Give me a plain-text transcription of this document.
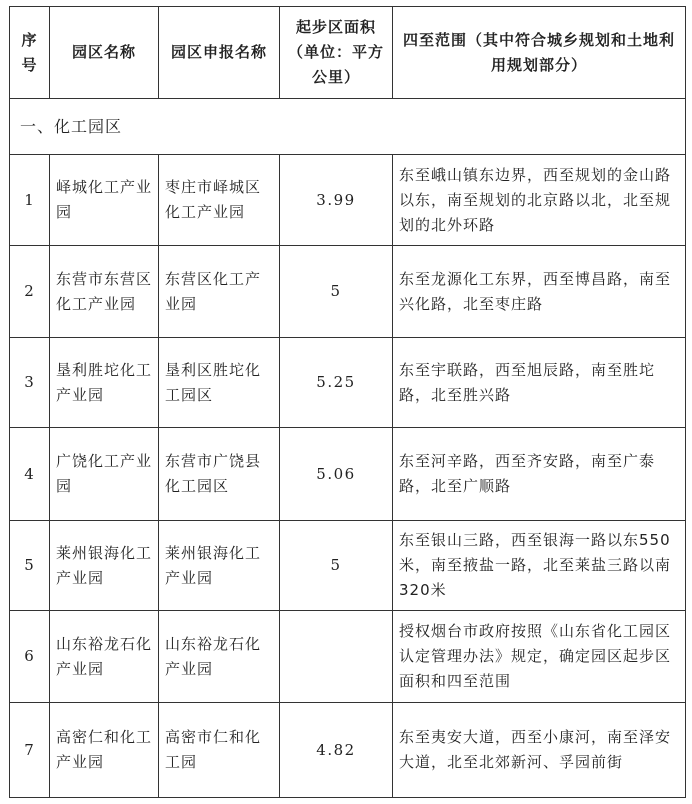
序号	园区名称	园区申报名称	起步区面积（单位：平方公里）	四至范围（其中符合城乡规划和土地利用规划部分）
一、化工园区				
1	峄城化工产业园	枣庄市峄城区化工产业园	3.99	东至峨山镇东边界，西至规划的金山路以东，南至规划的北京路以北，北至规划的北外环路
2	东营市东营区化工产业园	东营区化工产业园	5	东至龙源化工东界，西至博昌路，南至兴化路，北至枣庄路
3	垦利胜坨化工产业园	垦利区胜坨化工园区	5.25	东至宇联路，西至旭辰路，南至胜坨路，北至胜兴路
4	广饶化工产业园	东营市广饶县化工园区	5.06	东至河辛路，西至齐安路，南至广泰路，北至广顺路
5	莱州银海化工产业园	莱州银海化工产业园	5	东至银山三路，西至银海一路以东550米，南至掖盐一路，北至莱盐三路以南320米
6	山东裕龙石化产业园	山东裕龙石化产业园		授权烟台市政府按照《山东省化工园区认定管理办法》规定，确定园区起步区面积和四至范围
7	高密仁和化工产业园	高密市仁和化工园	4.82	东至夷安大道，西至小康河，南至泽安大道，北至北郊新河、孚园前街
